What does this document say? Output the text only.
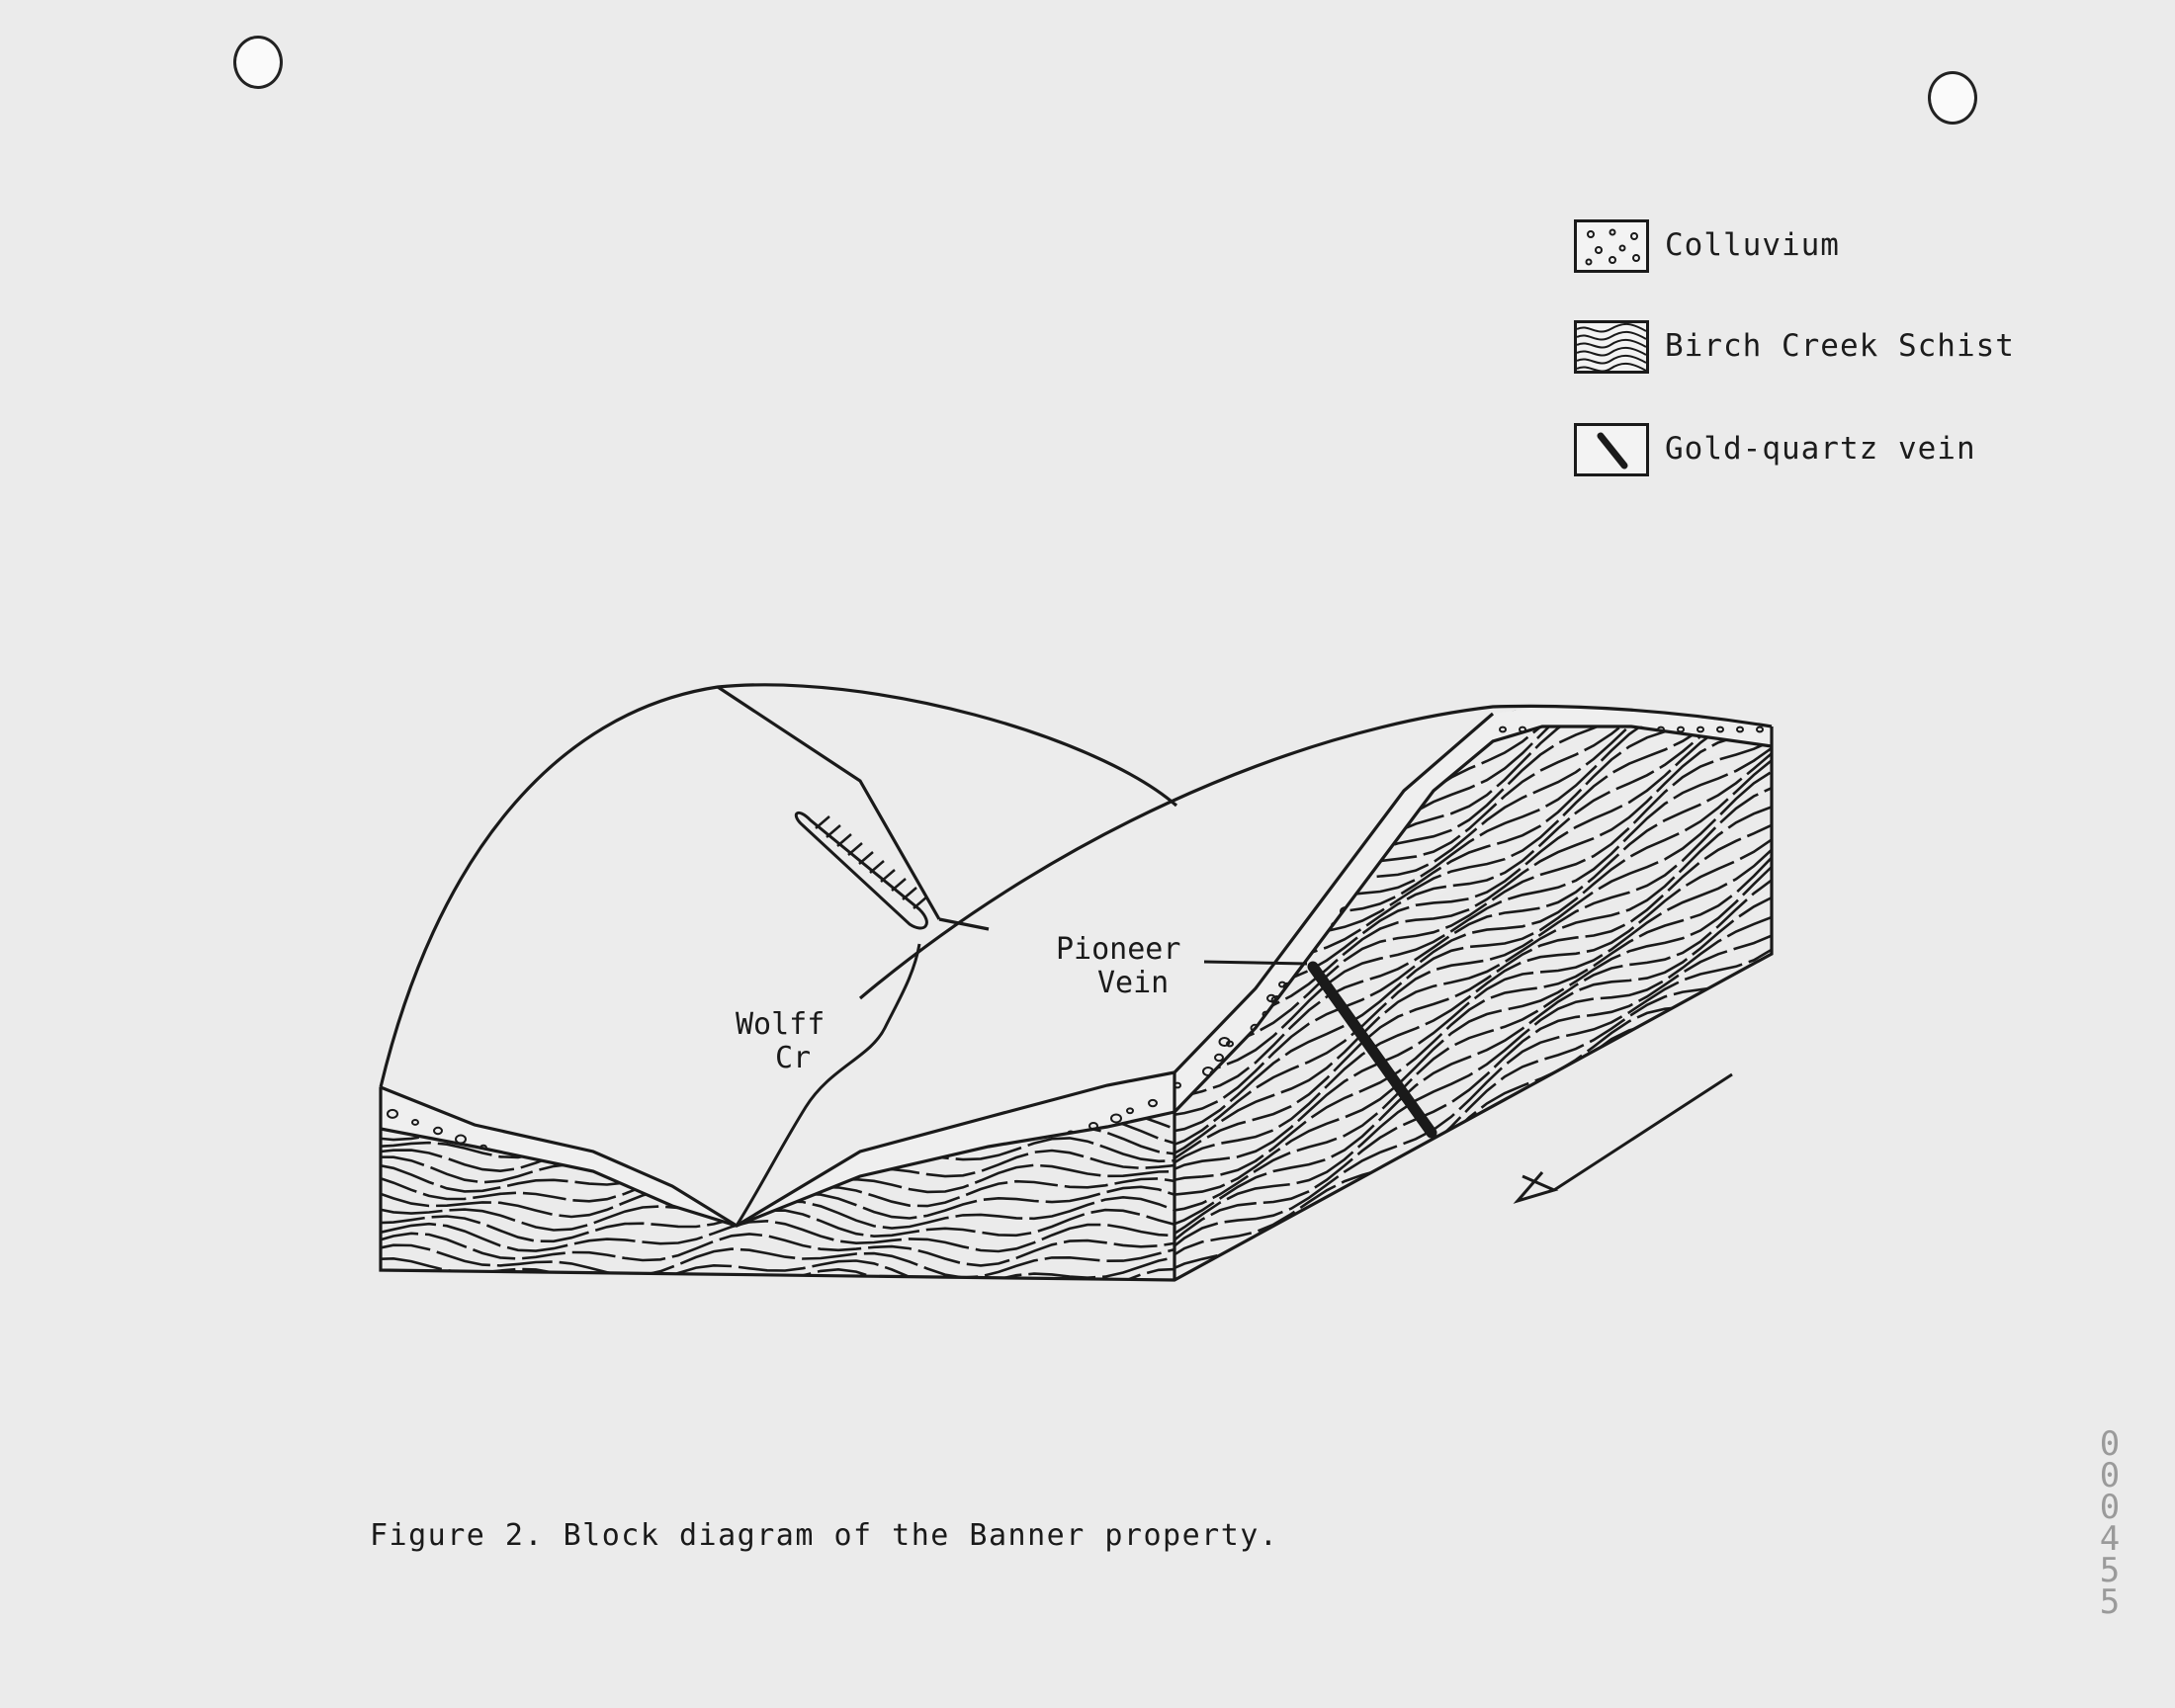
Wolff
Cr
Pioneer
Vein
Colluvium
Birch Creek Schist
Gold-quartz vein
Figure 2. Block diagram of the Banner property.
0
0
0
4
5
5
